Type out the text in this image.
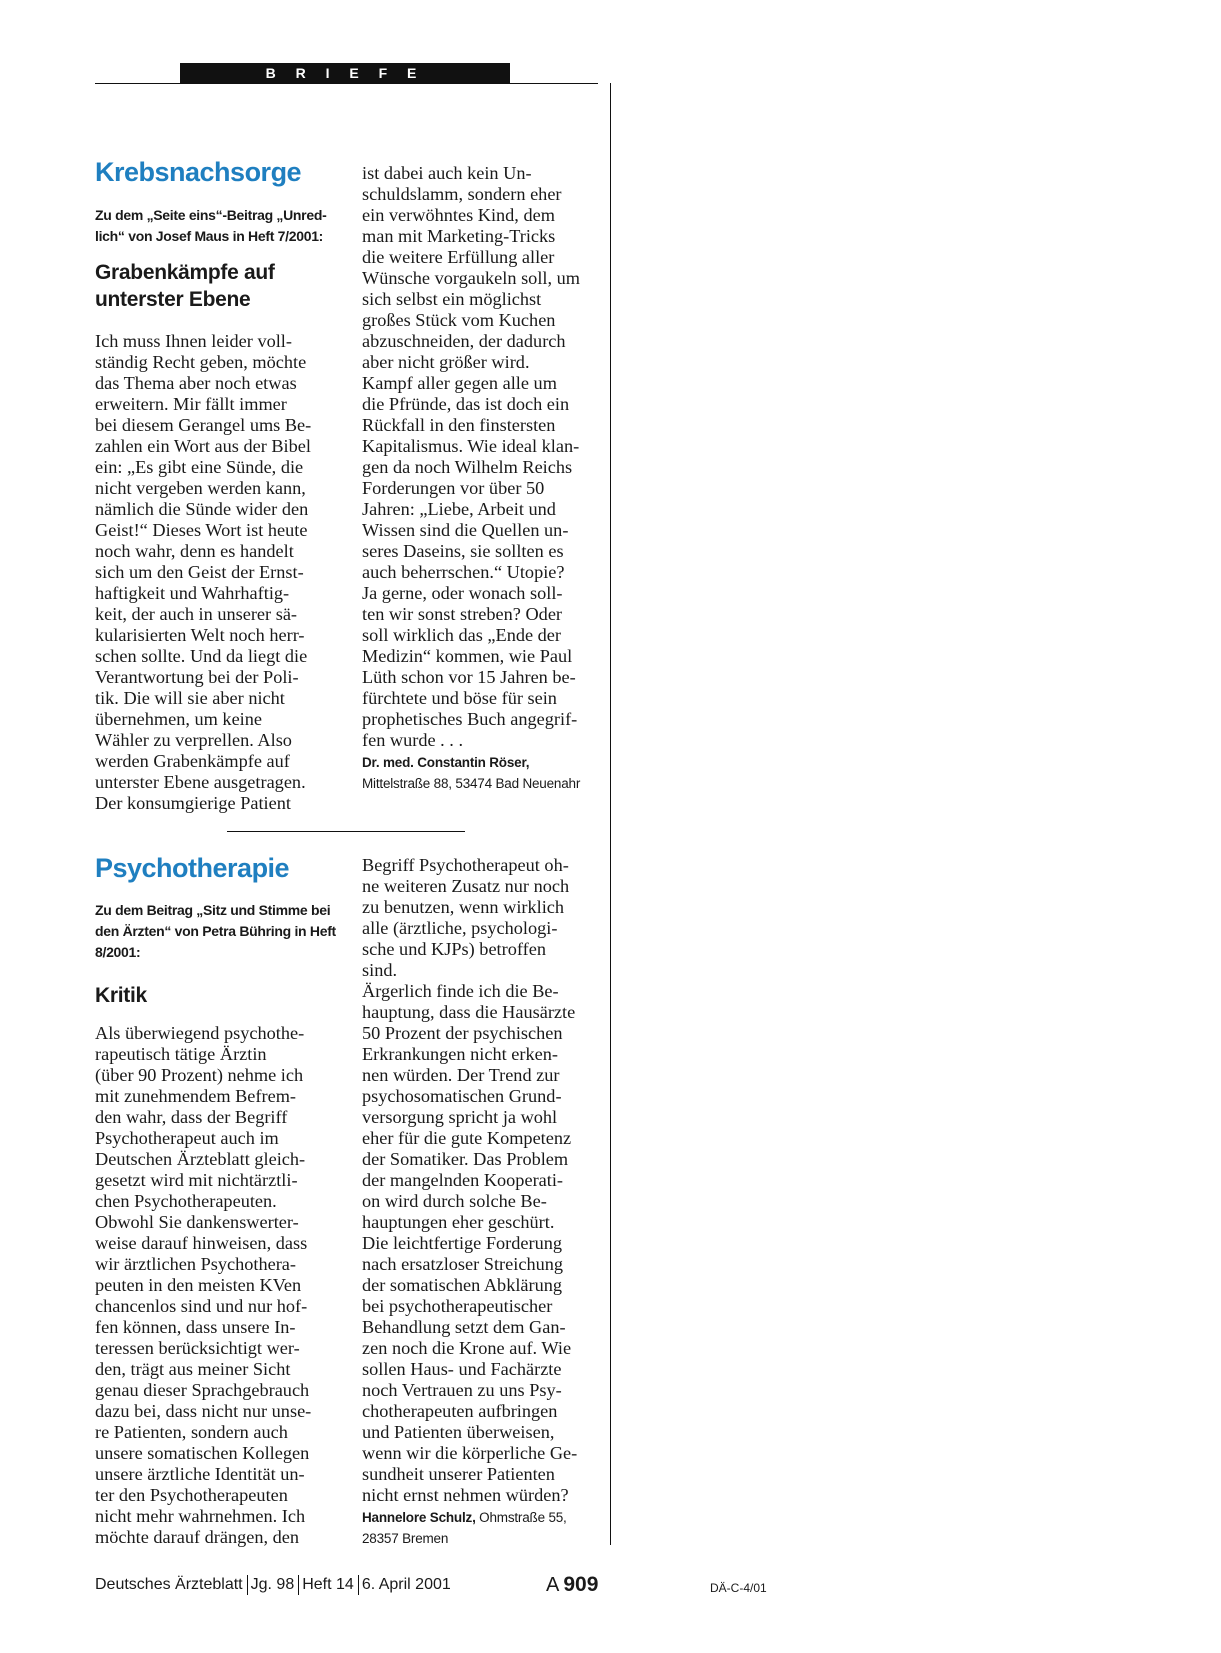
B R I E F E
Krebsnachsorge
Zu dem „Seite eins“-Beitrag „Unred-
lich“ von Josef Maus in Heft 7/2001:
Grabenkämpfe auf
unterster Ebene
Ich muss Ihnen leider voll-
ständig Recht geben, möchte
das Thema aber noch etwas
erweitern. Mir fällt immer
bei diesem Gerangel ums Be-
zahlen ein Wort aus der Bibel
ein: „Es gibt eine Sünde, die
nicht vergeben werden kann,
nämlich die Sünde wider den
Geist!“ Dieses Wort ist heute
noch wahr, denn es handelt
sich um den Geist der Ernst-
haftigkeit und Wahrhaftig-
keit, der auch in unserer sä-
kularisierten Welt noch herr-
schen sollte. Und da liegt die
Verantwortung bei der Poli-
tik. Die will sie aber nicht
übernehmen, um keine
Wähler zu verprellen. Also
werden Grabenkämpfe auf
unterster Ebene ausgetragen.
Der konsumgierige Patient
ist dabei auch kein Un-
schuldslamm, sondern eher
ein verwöhntes Kind, dem
man mit Marketing-Tricks
die weitere Erfüllung aller
Wünsche vorgaukeln soll, um
sich selbst ein möglichst
großes Stück vom Kuchen
abzuschneiden, der dadurch
aber nicht größer wird.
Kampf aller gegen alle um
die Pfründe, das ist doch ein
Rückfall in den finstersten
Kapitalismus. Wie ideal klan-
gen da noch Wilhelm Reichs
Forderungen vor über 50
Jahren: „Liebe, Arbeit und
Wissen sind die Quellen un-
seres Daseins, sie sollten es
auch beherrschen.“ Utopie?
Ja gerne, oder wonach soll-
ten wir sonst streben? Oder
soll wirklich das „Ende der
Medizin“ kommen, wie Paul
Lüth schon vor 15 Jahren be-
fürchtete und böse für sein
prophetisches Buch angegrif-
fen wurde . . .
Dr. med. Constantin Röser,
Mittelstraße 88, 53474 Bad Neuenahr
Psychotherapie
Zu dem Beitrag „Sitz und Stimme bei
den Ärzten“ von Petra Bühring in Heft
8/2001:
Kritik
Als überwiegend psychothe-
rapeutisch tätige Ärztin
(über 90 Prozent) nehme ich
mit zunehmendem Befrem-
den wahr, dass der Begriff
Psychotherapeut auch im
Deutschen Ärzteblatt gleich-
gesetzt wird mit nichtärztli-
chen Psychotherapeuten.
Obwohl Sie dankenswerter-
weise darauf hinweisen, dass
wir ärztlichen Psychothera-
peuten in den meisten KVen
chancenlos sind und nur hof-
fen können, dass unsere In-
teressen berücksichtigt wer-
den, trägt aus meiner Sicht
genau dieser Sprachgebrauch
dazu bei, dass nicht nur unse-
re Patienten, sondern auch
unsere somatischen Kollegen
unsere ärztliche Identität un-
ter den Psychotherapeuten
nicht mehr wahrnehmen. Ich
möchte darauf drängen, den
Begriff Psychotherapeut oh-
ne weiteren Zusatz nur noch
zu benutzen, wenn wirklich
alle (ärztliche, psychologi-
sche und KJPs) betroffen
sind.
Ärgerlich finde ich die Be-
hauptung, dass die Hausärzte
50 Prozent der psychischen
Erkrankungen nicht erken-
nen würden. Der Trend zur
psychosomatischen Grund-
versorgung spricht ja wohl
eher für die gute Kompetenz
der Somatiker. Das Problem
der mangelnden Kooperati-
on wird durch solche Be-
hauptungen eher geschürt.
Die leichtfertige Forderung
nach ersatzloser Streichung
der somatischen Abklärung
bei psychotherapeutischer
Behandlung setzt dem Gan-
zen noch die Krone auf. Wie
sollen Haus- und Fachärzte
noch Vertrauen zu uns Psy-
chotherapeuten aufbringen
und Patienten überweisen,
wenn wir die körperliche Ge-
sundheit unserer Patienten
nicht ernst nehmen würden?
Hannelore Schulz, Ohmstraße 55,
28357 Bremen
Deutsches Ärzteblatt Jg. 98 Heft 14 6. April 2001	A 909	DÄ-C-4/01
